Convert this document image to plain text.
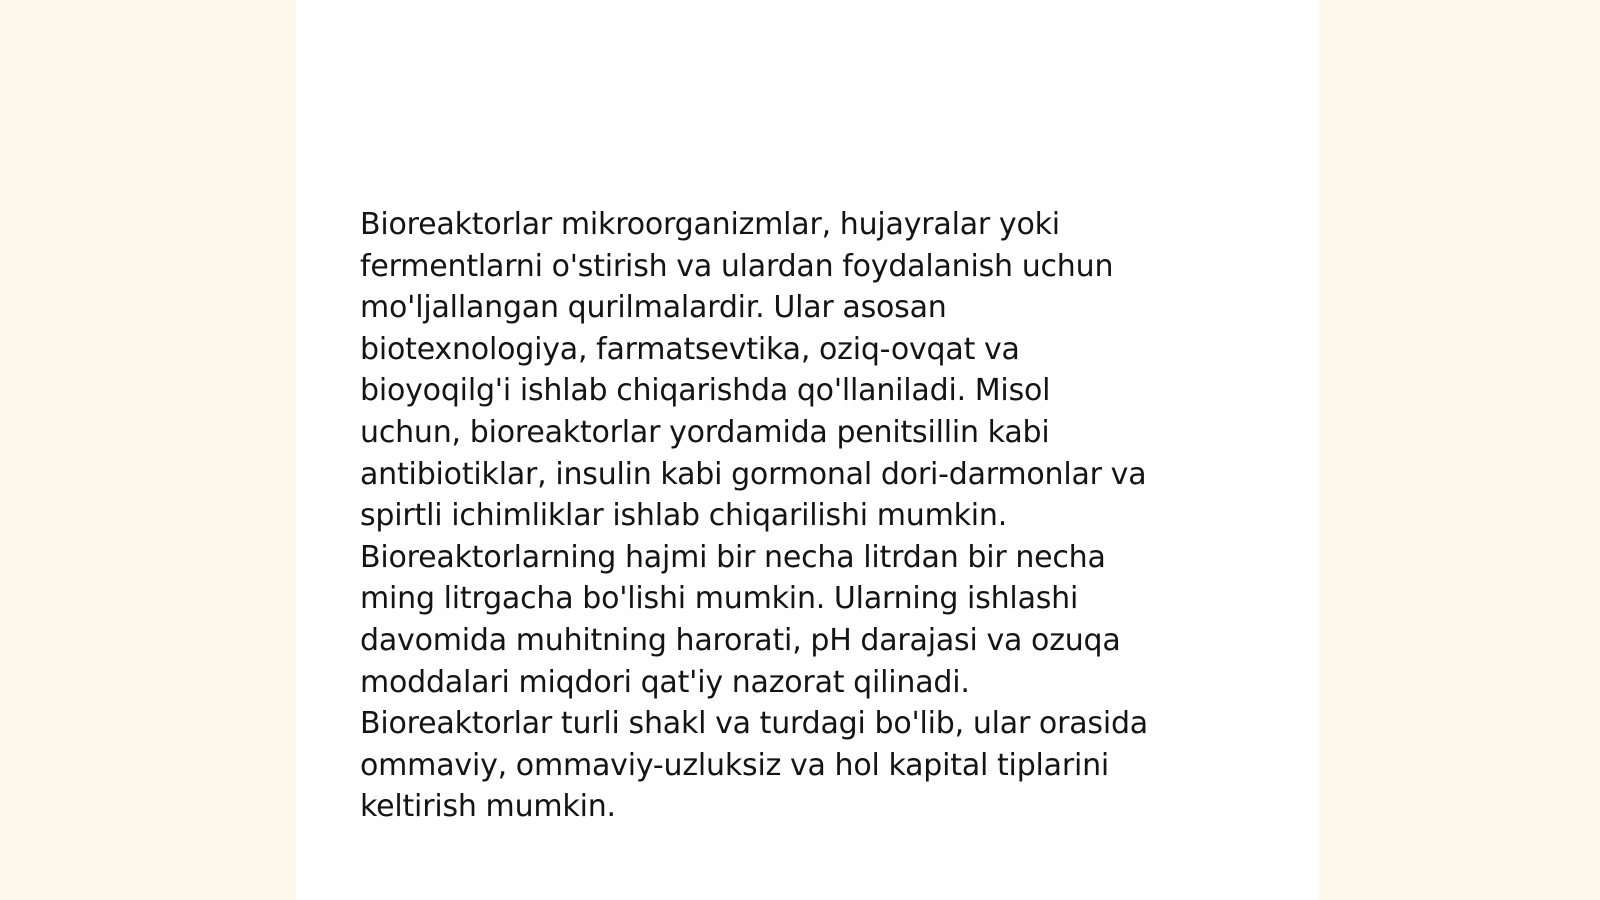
Bioreaktorlar mikroorganizmlar, hujayralar yoki
fermentlarni o'stirish va ulardan foydalanish uchun
mo'ljallangan qurilmalardir. Ular asosan
biotexnologiya, farmatsevtika, oziq-ovqat va
bioyoqilg'i ishlab chiqarishda qo'llaniladi. Misol
uchun, bioreaktorlar yordamida penitsillin kabi
antibiotiklar, insulin kabi gormonal dori-darmonlar va
spirtli ichimliklar ishlab chiqarilishi mumkin.
Bioreaktorlarning hajmi bir necha litrdan bir necha
ming litrgacha bo'lishi mumkin. Ularning ishlashi
davomida muhitning harorati, pH darajasi va ozuqa
moddalari miqdori qat'iy nazorat qilinadi.
Bioreaktorlar turli shakl va turdagi bo'lib, ular orasida
ommaviy, ommaviy-uzluksiz va hol kapital tiplarini
keltirish mumkin.
